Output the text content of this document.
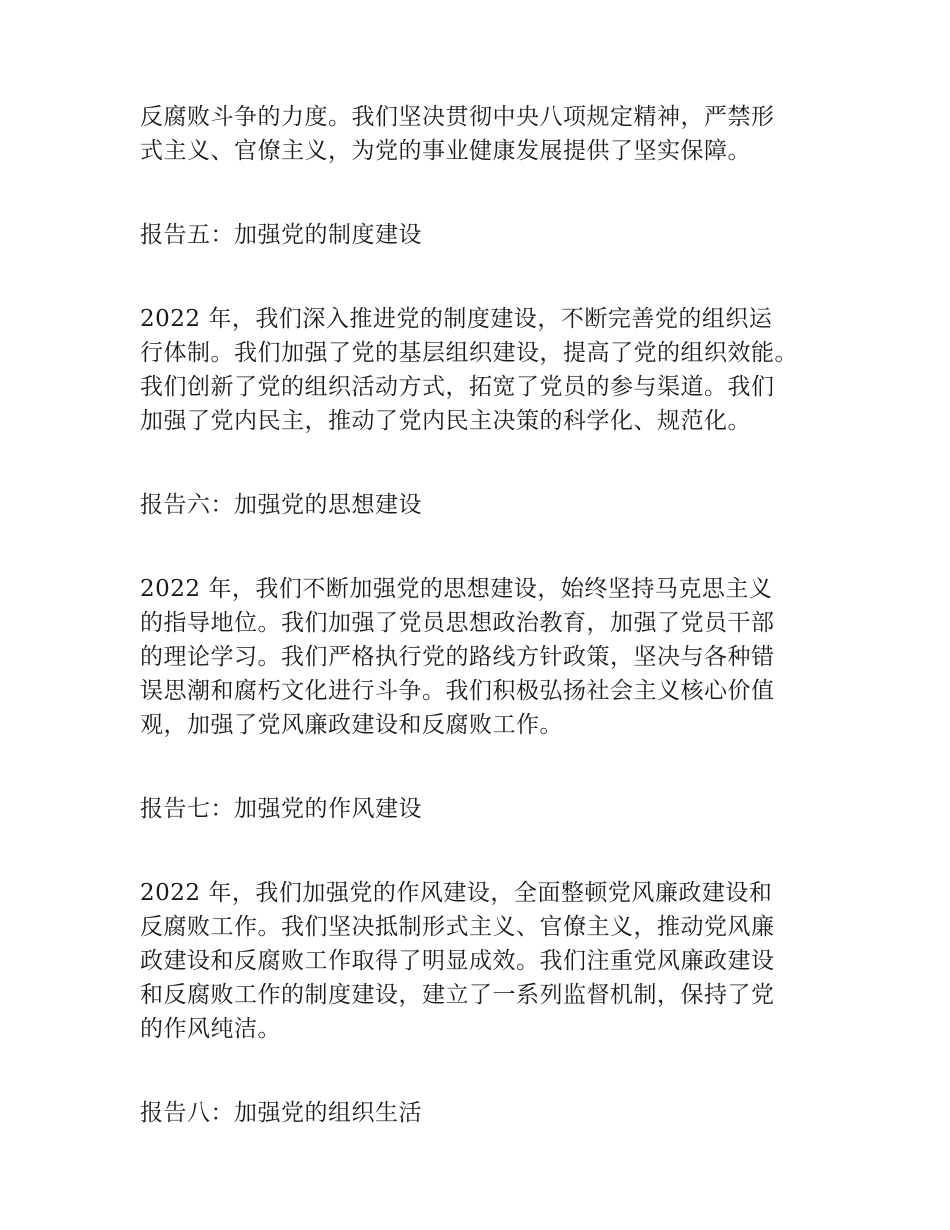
反腐败斗争的力度。我们坚决贯彻中央八项规定精神，严禁形
式主义、官僚主义，为党的事业健康发展提供了坚实保障。
报告五：加强党的制度建设
2022 年，我们深入推进党的制度建设，不断完善党的组织运
行体制。我们加强了党的基层组织建设，提高了党的组织效能。
我们创新了党的组织活动方式，拓宽了党员的参与渠道。我们
加强了党内民主，推动了党内民主决策的科学化、规范化。
报告六：加强党的思想建设
2022 年，我们不断加强党的思想建设，始终坚持马克思主义
的指导地位。我们加强了党员思想政治教育，加强了党员干部
的理论学习。我们严格执行党的路线方针政策，坚决与各种错
误思潮和腐朽文化进行斗争。我们积极弘扬社会主义核心价值
观，加强了党风廉政建设和反腐败工作。
报告七：加强党的作风建设
2022 年，我们加强党的作风建设，全面整顿党风廉政建设和
反腐败工作。我们坚决抵制形式主义、官僚主义，推动党风廉
政建设和反腐败工作取得了明显成效。我们注重党风廉政建设
和反腐败工作的制度建设，建立了一系列监督机制，保持了党
的作风纯洁。
报告八：加强党的组织生活
